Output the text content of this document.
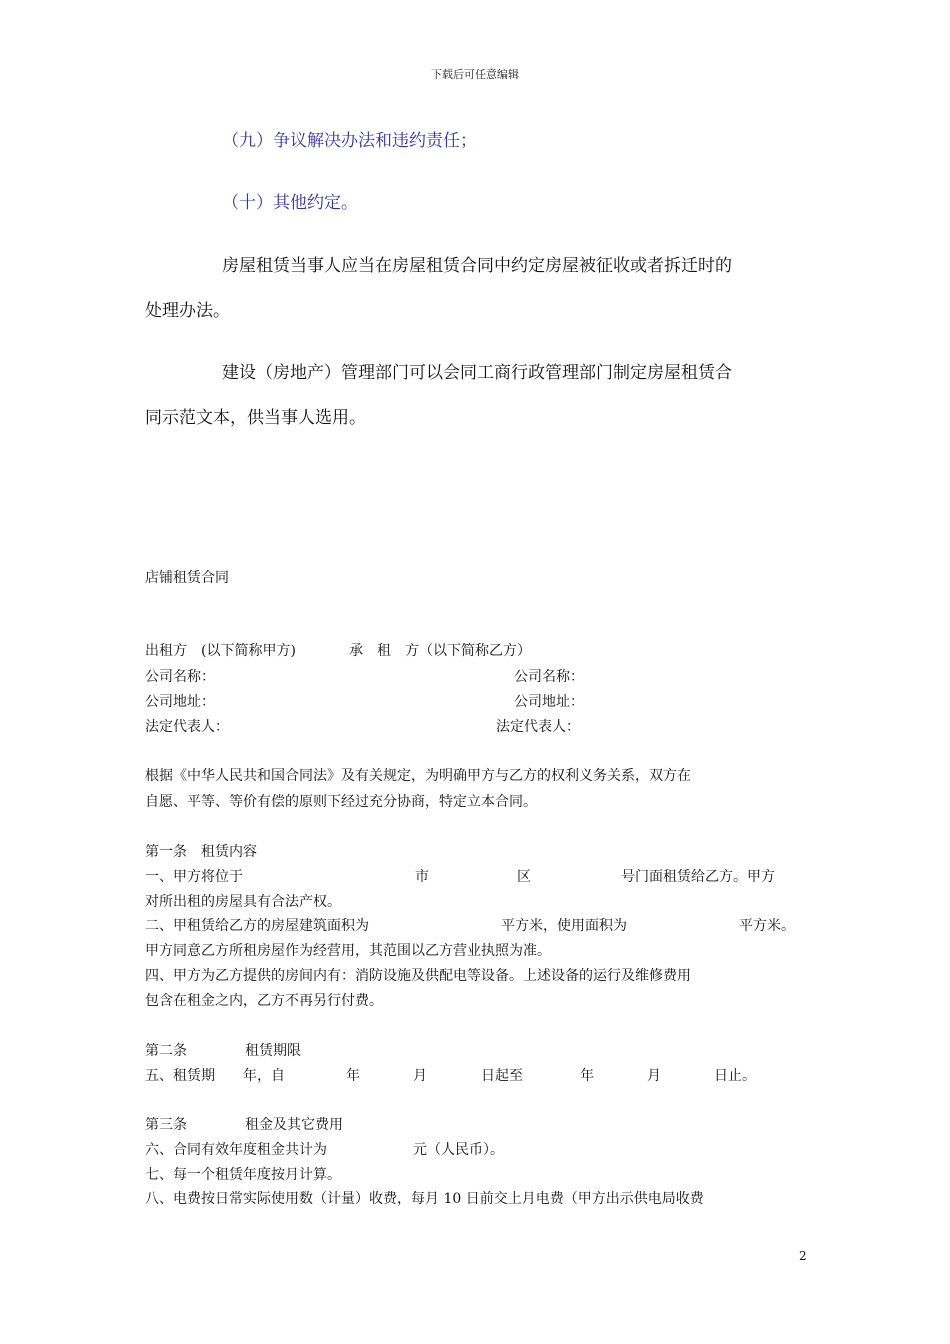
下载后可任意编辑
（九）争议解决办法和违约责任；
（十）其他约定。
房屋租赁当事人应当在房屋租赁合同中约定房屋被征收或者拆迁时的
处理办法。
建设（房地产）管理部门可以会同工商行政管理部门制定房屋租赁合
同示范文本，供当事人选用。
店铺租赁合同
出租方　(以下简称甲方)	承　租　方（以下简称乙方）
公司名称：	公司名称：
公司地址：	公司地址：
法定代表人：	法定代表人：
根据《中华人民共和国合同法》及有关规定，为明确甲方与乙方的权利义务关系，双方在
自愿、平等、等价有偿的原则下经过充分协商，特定立本合同。
第一条　租赁内容
一、甲方将位于	市	区	号门面租赁给乙方。甲方
对所出租的房屋具有合法产权。
二、甲租赁给乙方的房屋建筑面积为	平方米，使用面积为	平方米。
甲方同意乙方所租房屋作为经营用，其范围以乙方营业执照为准。
四、甲方为乙方提供的房间内有：消防设施及供配电等设备。上述设备的运行及维修费用
包含在租金之内，乙方不再另行付费。
第二条	租赁期限
五、租赁期 年，自	年	月	日起至	年	月	日止。
第三条	租金及其它费用
六、合同有效年度租金共计为	元（人民币）。
七、每一个租赁年度按月计算。
八、电费按日常实际使用数（计量）收费，每月 10 日前交上月电费（甲方出示供电局收费
2
